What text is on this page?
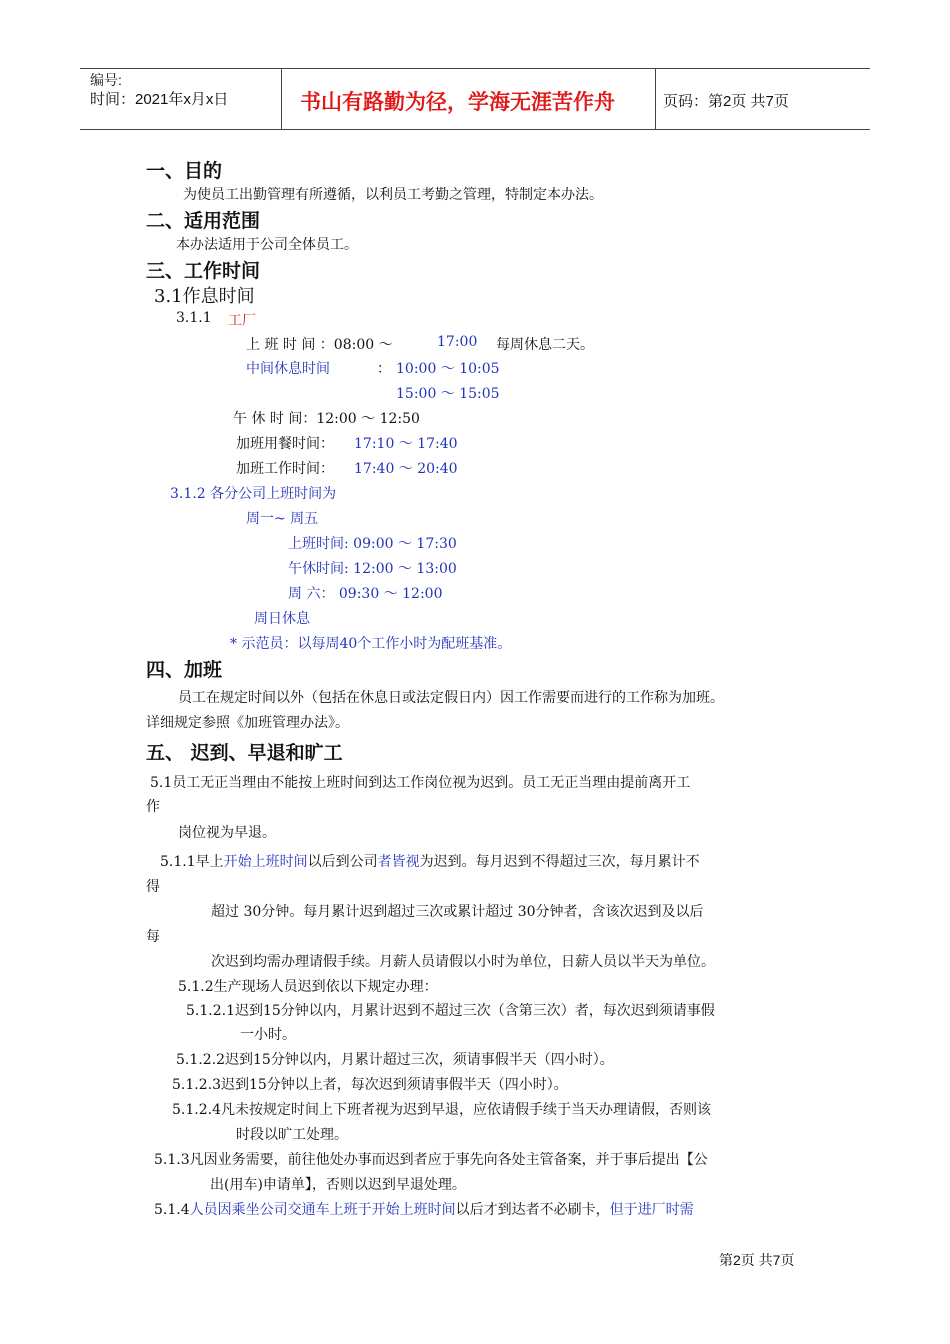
编号:
时间：2021年x月x日	书山有路勤为径，学海无涯苦作舟	页码：第2页 共7页
一、目的
为使员工出勤管理有所遵循，以利员工考勤之管理，特制定本办法。
二、适用范围
本办法适用于公司全体员工。
三、工作时间
3.1作息时间
3.1.1 工厂
上 班 时 间 ：08:00 ～	17:00 每周休息二天。
中间休息时间	： 10:00 ～ 10:05
15:00 ～ 15:05
午 休 时 间：12:00 ～ 12:50
加班用餐时间： 17:10 ～ 17:40
加班工作时间： 17:40 ～ 20:40
3.1.2 各分公司上班时间为
周一~ 周五
上班时间: 09:00 ～ 17:30
午休时间: 12:00 ～ 13:00
周 六： 09:30 ～ 12:00
周日休息
* 示范员：以每周40个工作小时为配班基准。
四、加班
员工在规定时间以外（包括在休息日或法定假日内）因工作需要而进行的工作称为加班。
详细规定参照《加班管理办法》。
五、 迟到、早退和旷工
5.1员工无正当理由不能按上班时间到达工作岗位视为迟到。员工无正当理由提前离开工
作
岗位视为早退。
5.1.1早上开始上班时间以后到公司者皆视为迟到。每月迟到不得超过三次，每月累计不
得
超过 30分钟。每月累计迟到超过三次或累计超过 30分钟者，含该次迟到及以后
每
次迟到均需办理请假手续。月薪人员请假以小时为单位，日薪人员以半天为单位。
5.1.2生产现场人员迟到依以下规定办理：
5.1.2.1迟到15分钟以内，月累计迟到不超过三次（含第三次）者，每次迟到须请事假
一小时。
5.1.2.2迟到15分钟以内，月累计超过三次，须请事假半天（四小时）。
5.1.2.3迟到15分钟以上者，每次迟到须请事假半天（四小时）。
5.1.2.4凡未按规定时间上下班者视为迟到早退，应依请假手续于当天办理请假，否则该
时段以旷工处理。
5.1.3凡因业务需要，前往他处办事而迟到者应于事先向各处主管备案，并于事后提出【公
出(用车)申请单】，否则以迟到早退处理。
5.1.4人员因乘坐公司交通车上班于开始上班时间以后才到达者不必刷卡，但于进厂时需
第2页 共7页
